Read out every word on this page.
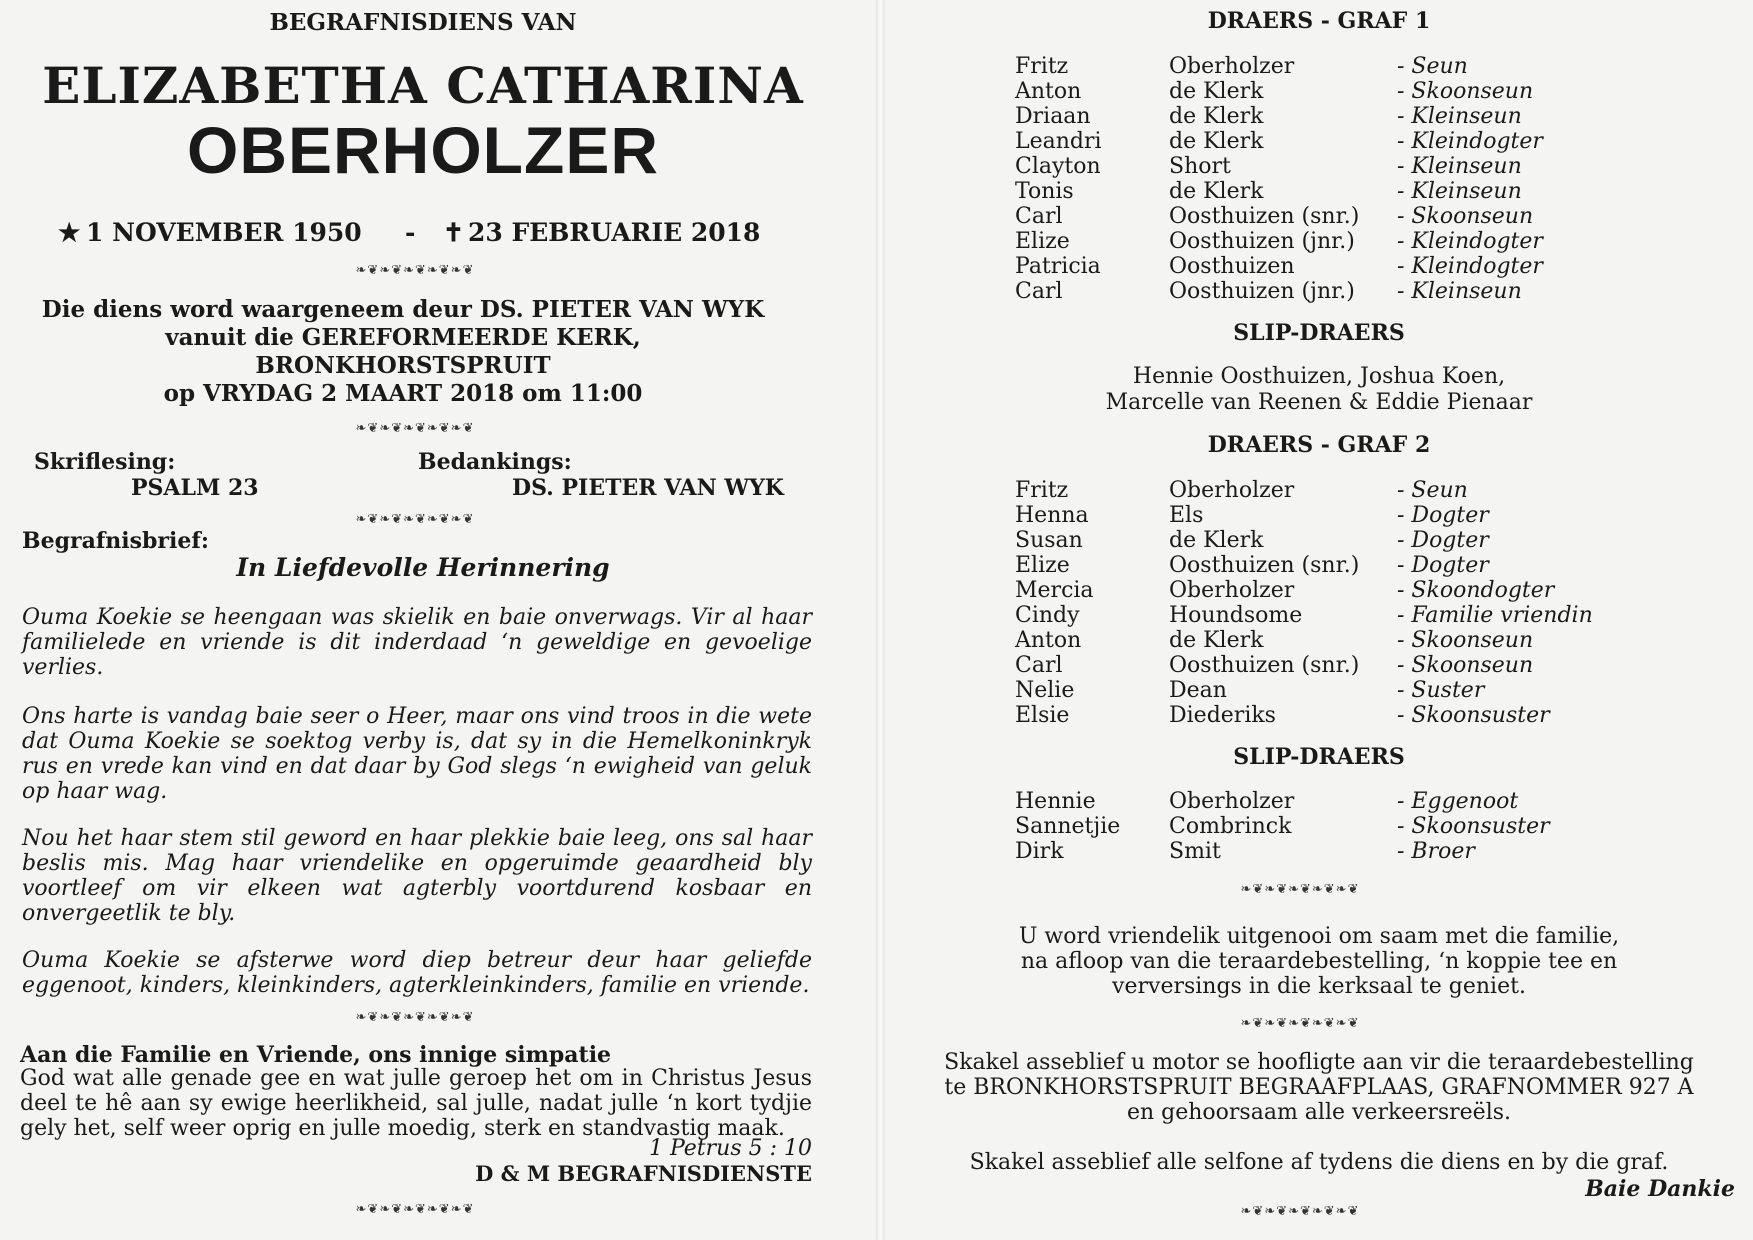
BEGRAFNISDIENS VAN
ELIZABETHA CATHARINA
OBERHOLZER
★ 1 NOVEMBER 1950 - ✝ 23 FEBRUARIE 2018
❧❦❧❦❧❦❧❦❧❦
Die diens word waargeneem deur DS. PIETER VAN WYK
vanuit die GEREFORMEERDE KERK,
BRONKHORSTSPRUIT
op VRYDAG 2 MAART 2018 om 11:00
❧❦❧❦❧❦❧❦❧❦
Skriflesing:
PSALM 23
Bedankings:
DS. PIETER VAN WYK
❧❦❧❦❧❦❧❦❧❦
Begrafnisbrief:
In Liefdevolle Herinnering

Ouma Koekie se heengaan was skielik en baie onverwags. Vir al haar familielede en vriende is dit inderdaad ‘n geweldige en gevoelige verlies.

Ons harte is vandag baie seer o Heer, maar ons vind troos in die wete dat Ouma Koekie se soektog verby is, dat sy in die Hemelkoninkryk rus en vrede kan vind en dat daar by God slegs ‘n ewigheid van geluk op haar wag.

Nou het haar stem stil geword en haar plekkie baie leeg, ons sal haar beslis mis. Mag haar vriendelike en opgeruimde geaardheid bly voortleef om vir elkeen wat agterbly voortdurend kosbaar en onvergeetlik te bly.

Ouma Koekie se afsterwe word diep betreur deur haar geliefde eggenoot, kinders, kleinkinders, agterkleinkinders, familie en vriende.

❧❦❧❦❧❦❧❦❧❦
Aan die Familie en Vriende, ons innige simpatie

God wat alle genade gee en wat julle geroep het om in Christus Jesus deel te hê aan sy ewige heerlikheid, sal julle, nadat julle ‘n kort tydjie gely het, self weer oprig en julle moedig, sterk en standvastig maak.

1 Petrus 5 : 10
D & M BEGRAFNISDIENSTE
❧❦❧❦❧❦❧❦❧❦
DRAERS - GRAF 1
Fritz	Oberholzer	- Seun
Anton	de Klerk	- Skoonseun
Driaan	de Klerk	- Kleinseun
Leandri	de Klerk	- Kleindogter
Clayton	Short	- Kleinseun
Tonis	de Klerk	- Kleinseun
Carl	Oosthuizen (snr.) - Skoonseun
Elize	Oosthuizen (jnr.) - Kleindogter
Patricia	Oosthuizen	- Kleindogter
Carl	Oosthuizen (jnr.) - Kleinseun
SLIP-DRAERS
Hennie Oosthuizen, Joshua Koen,
Marcelle van Reenen & Eddie Pienaar
DRAERS - GRAF 2
Fritz	Oberholzer	- Seun
Henna	Els	- Dogter
Susan	de Klerk	- Dogter
Elize	Oosthuizen (snr.) - Dogter
Mercia	Oberholzer	- Skoondogter
Cindy	Houndsome	- Familie vriendin
Anton	de Klerk	- Skoonseun
Carl	Oosthuizen (snr.) - Skoonseun
Nelie	Dean	- Suster
Elsie	Diederiks	- Skoonsuster
SLIP-DRAERS
Hennie	Oberholzer	- Eggenoot
Sannetjie Combrinck	- Skoonsuster
Dirk	Smit	- Broer
❧❦❧❦❧❦❧❦❧❦
U word vriendelik uitgenooi om saam met die familie,
na afloop van die teraardebestelling, ‘n koppie tee en
verversings in die kerksaal te geniet.
❧❦❧❦❧❦❧❦❧❦
Skakel asseblief u motor se hoofligte aan vir die teraardebestelling
te BRONKHORSTSPRUIT BEGRAAFPLAAS, GRAFNOMMER 927 A
en gehoorsaam alle verkeersreëls.
Skakel asseblief alle selfone af tydens die diens en by die graf.
Baie Dankie
❧❦❧❦❧❦❧❦❧❦
